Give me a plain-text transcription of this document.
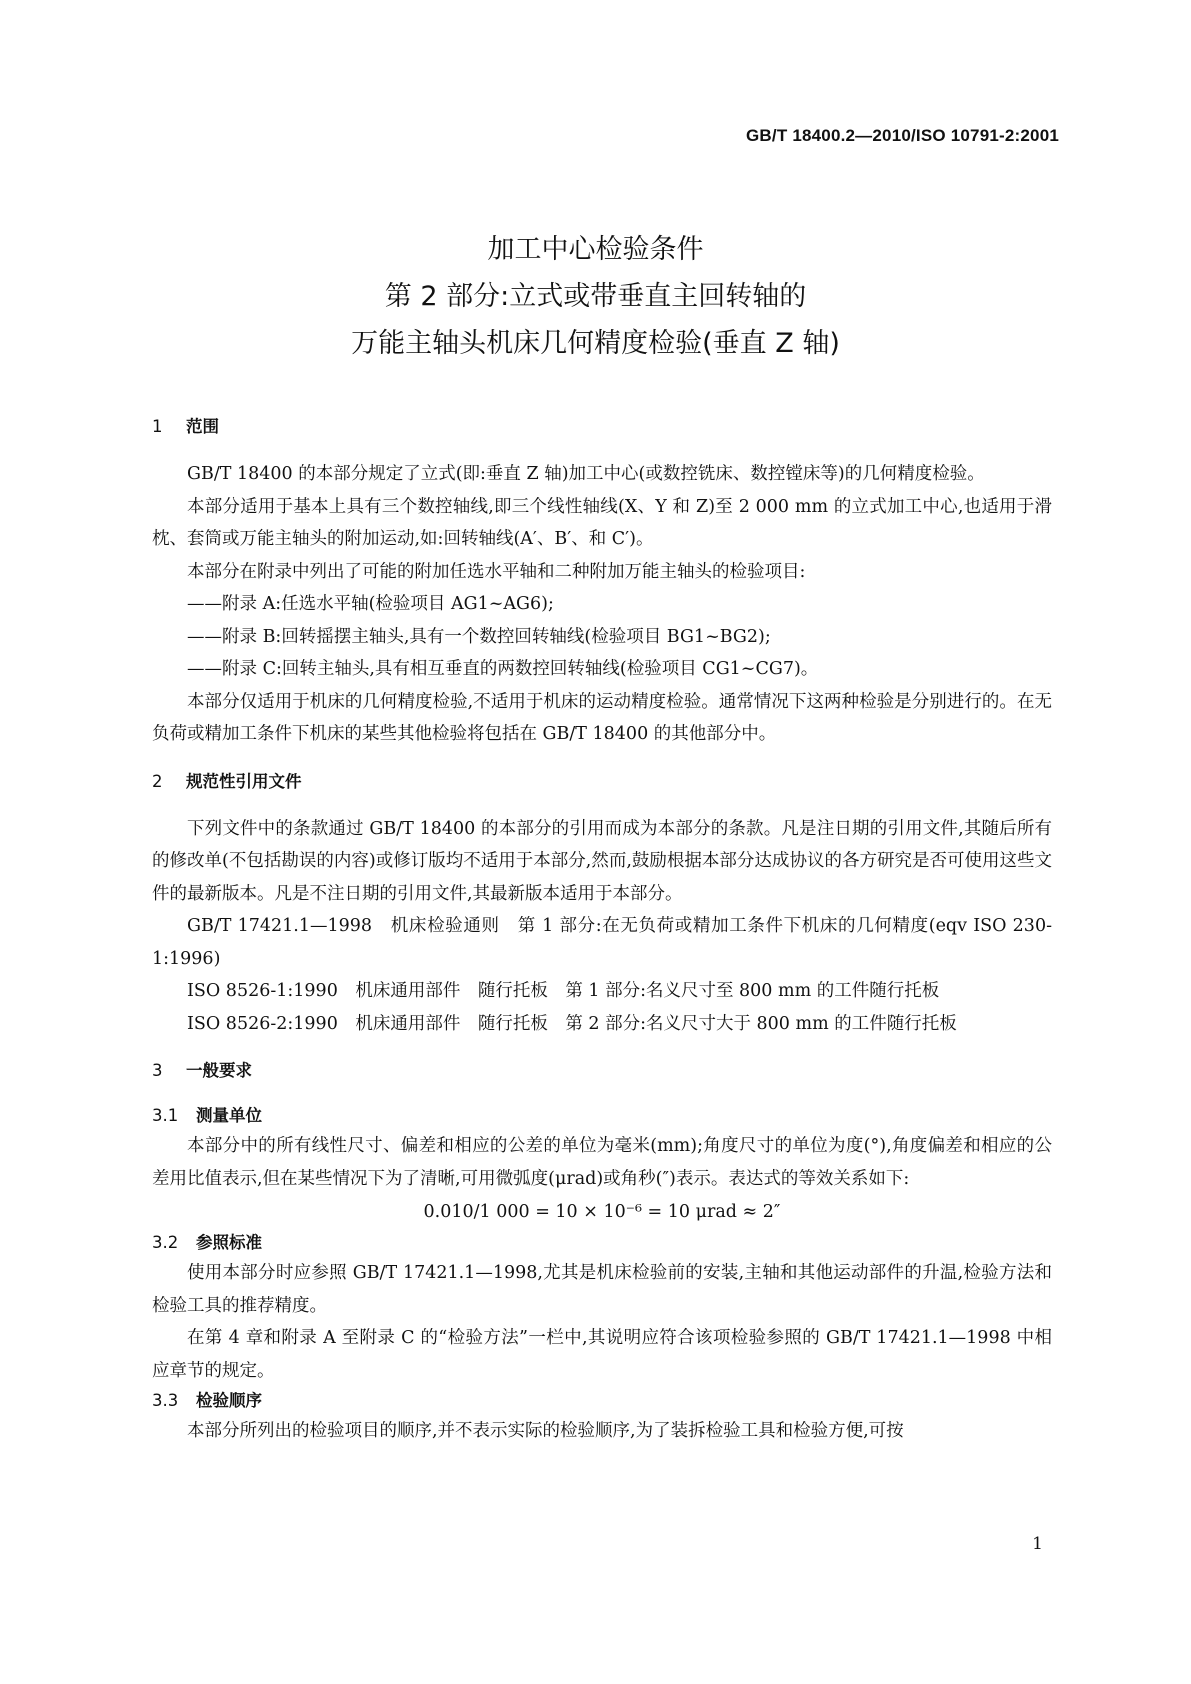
GB/T 18400.2—2010/ISO 10791-2:2001
加工中心检验条件
第 2 部分:立式或带垂直主回转轴的
万能主轴头机床几何精度检验(垂直 Z 轴)
1 范围

GB/T 18400 的本部分规定了立式(即:垂直 Z 轴)加工中心(或数控铣床、数控镗床等)的几何精度检验。

本部分适用于基本上具有三个数控轴线,即三个线性轴线(X、Y 和 Z)至 2 000 mm 的立式加工中心,也适用于滑枕、套筒或万能主轴头的附加运动,如:回转轴线(A′、B′、和 C′)。

本部分在附录中列出了可能的附加任选水平轴和二种附加万能主轴头的检验项目:

——附录 A:任选水平轴(检验项目 AG1~AG6);

——附录 B:回转摇摆主轴头,具有一个数控回转轴线(检验项目 BG1~BG2);

——附录 C:回转主轴头,具有相互垂直的两数控回转轴线(检验项目 CG1~CG7)。

本部分仅适用于机床的几何精度检验,不适用于机床的运动精度检验。通常情况下这两种检验是分别进行的。在无负荷或精加工条件下机床的某些其他检验将包括在 GB/T 18400 的其他部分中。

2 规范性引用文件

下列文件中的条款通过 GB/T 18400 的本部分的引用而成为本部分的条款。凡是注日期的引用文件,其随后所有的修改单(不包括勘误的内容)或修订版均不适用于本部分,然而,鼓励根据本部分达成协议的各方研究是否可使用这些文件的最新版本。凡是不注日期的引用文件,其最新版本适用于本部分。

GB/T 17421.1—1998　机床检验通则　第 1 部分:在无负荷或精加工条件下机床的几何精度(eqv ISO 230-1:1996)

ISO 8526-1:1990　机床通用部件　随行托板　第 1 部分:名义尺寸至 800 mm 的工件随行托板

ISO 8526-2:1990　机床通用部件　随行托板　第 2 部分:名义尺寸大于 800 mm 的工件随行托板

3 一般要求
3.1 测量单位

本部分中的所有线性尺寸、偏差和相应的公差的单位为毫米(mm);角度尺寸的单位为度(°),角度偏差和相应的公差用比值表示,但在某些情况下为了清晰,可用微弧度(μrad)或角秒(″)表示。表达式的等效关系如下:

0.010/1 000 = 10 × 10⁻⁶ = 10 μrad ≈ 2″
3.2 参照标准

使用本部分时应参照 GB/T 17421.1—1998,尤其是机床检验前的安装,主轴和其他运动部件的升温,检验方法和检验工具的推荐精度。

在第 4 章和附录 A 至附录 C 的“检验方法”一栏中,其说明应符合该项检验参照的 GB/T 17421.1—1998 中相应章节的规定。

3.3 检验顺序

本部分所列出的检验项目的顺序,并不表示实际的检验顺序,为了装拆检验工具和检验方便,可按

1
